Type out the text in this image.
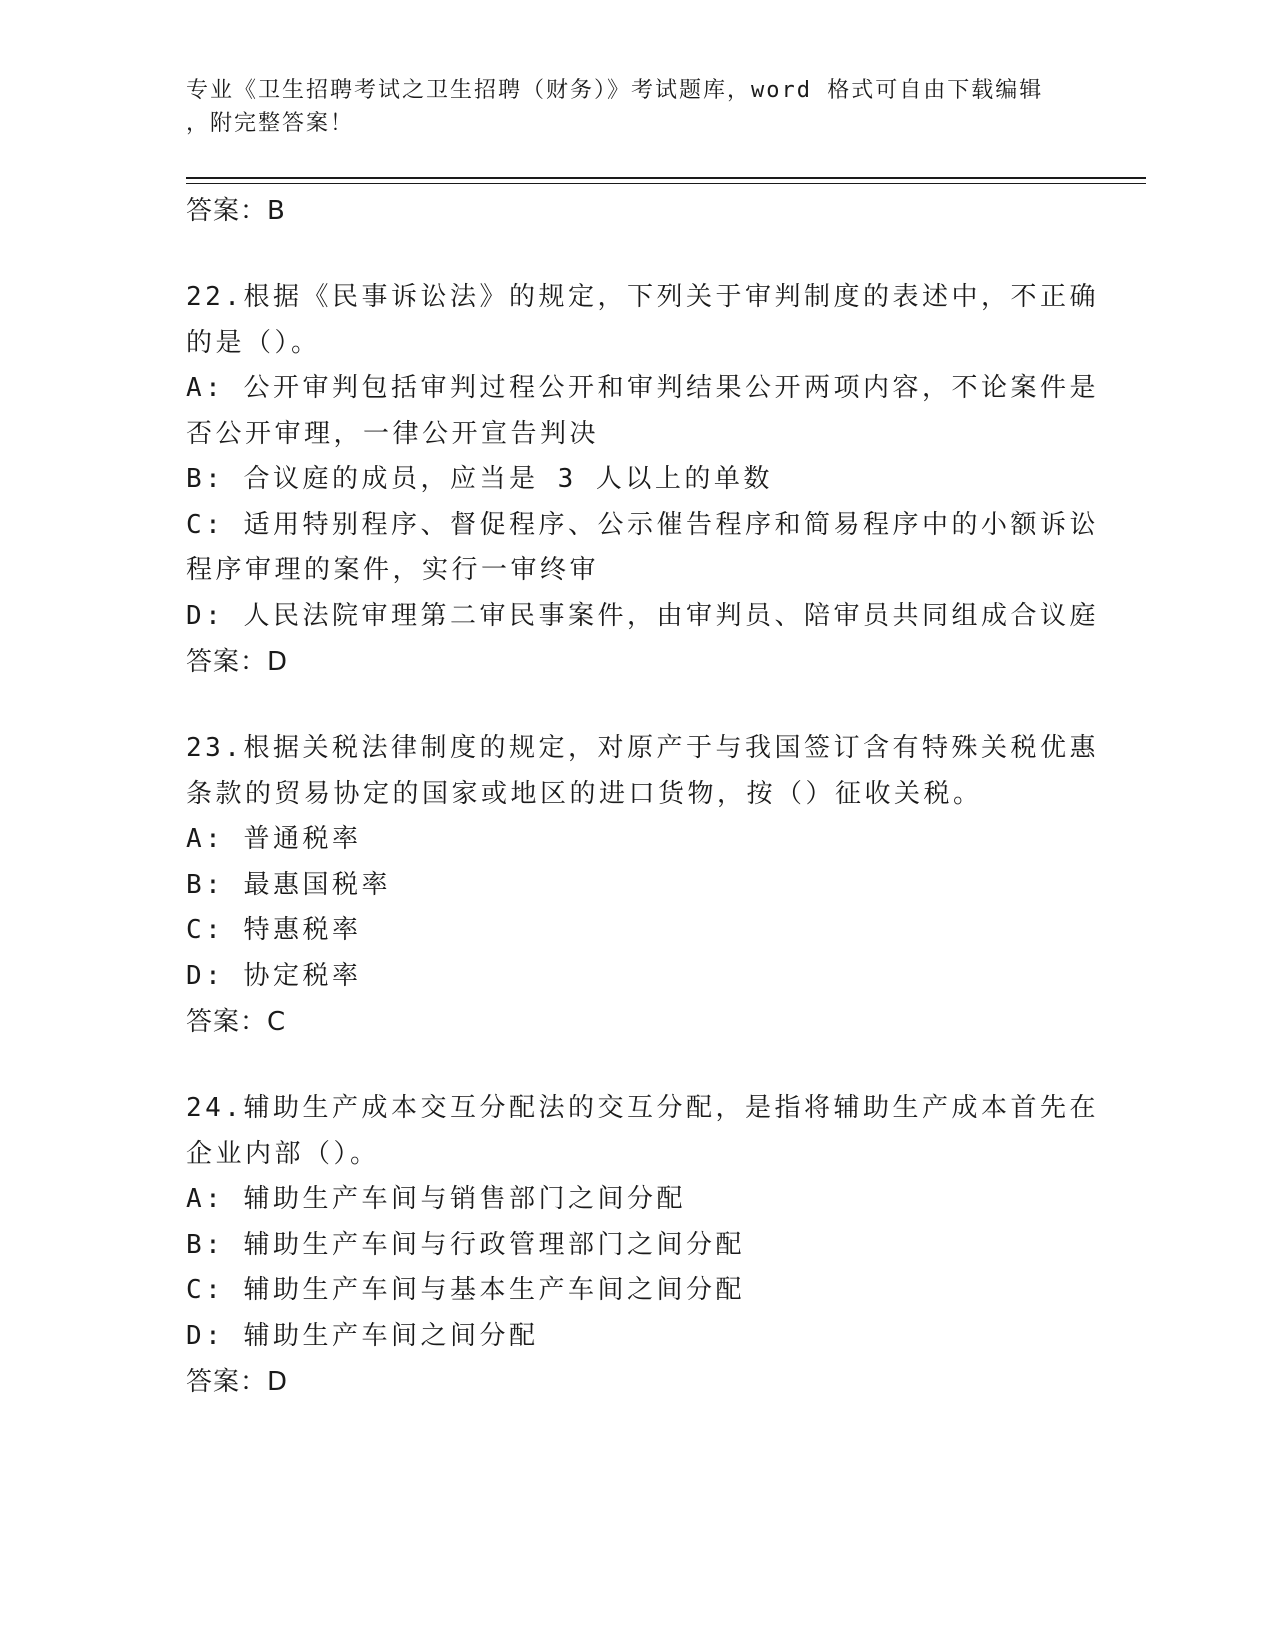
专业《卫生招聘考试之卫生招聘（财务）》考试题库，word 格式可自由下载编辑
，附完整答案！
答案：B
22.根据《民事诉讼法》的规定，下列关于审判制度的表述中，不正确
的是（）。
A: 公开审判包括审判过程公开和审判结果公开两项内容，不论案件是
否公开审理，一律公开宣告判决
B: 合议庭的成员，应当是 3 人以上的单数
C: 适用特别程序、督促程序、公示催告程序和简易程序中的小额诉讼
程序审理的案件，实行一审终审
D: 人民法院审理第二审民事案件，由审判员、陪审员共同组成合议庭
答案：D
23.根据关税法律制度的规定，对原产于与我国签订含有特殊关税优惠
条款的贸易协定的国家或地区的进口货物，按（）征收关税。
A: 普通税率
B: 最惠国税率
C: 特惠税率
D: 协定税率
答案：C
24.辅助生产成本交互分配法的交互分配，是指将辅助生产成本首先在
企业内部（）。
A: 辅助生产车间与销售部门之间分配
B: 辅助生产车间与行政管理部门之间分配
C: 辅助生产车间与基本生产车间之间分配
D: 辅助生产车间之间分配
答案：D
